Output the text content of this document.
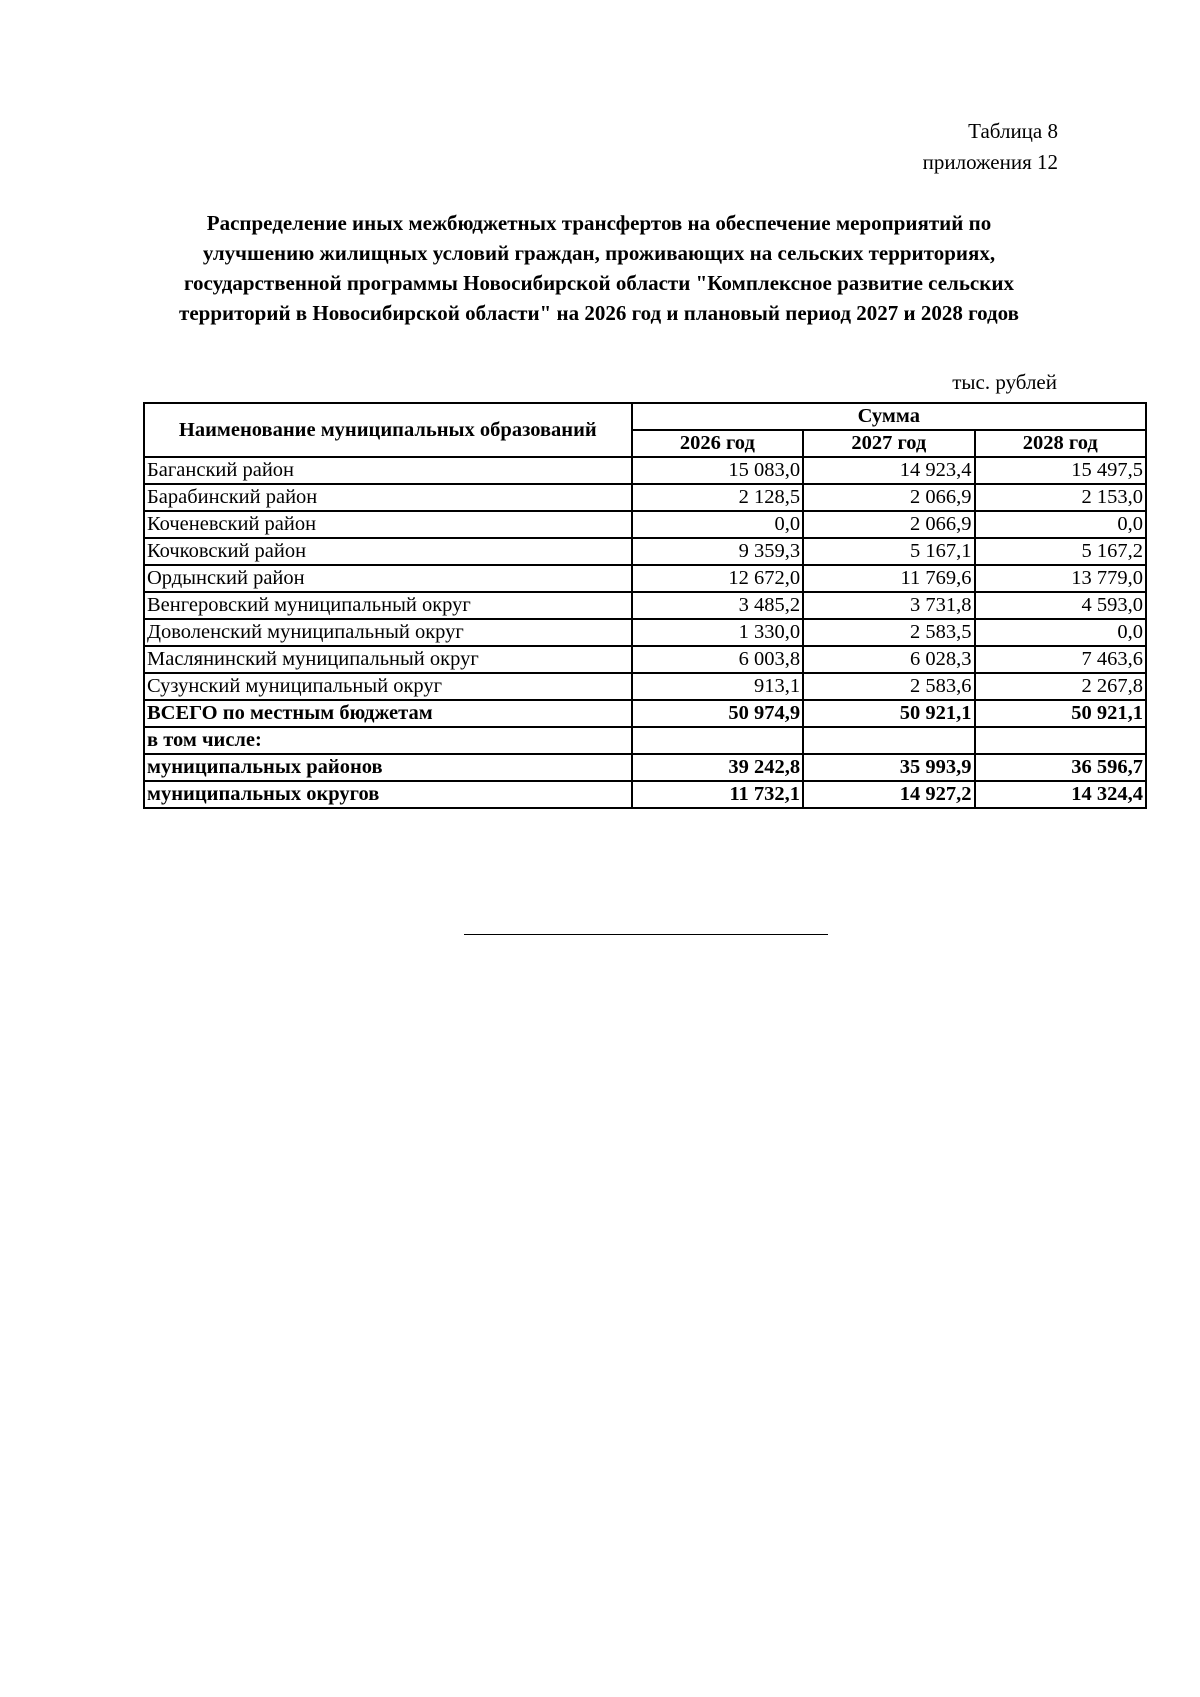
Таблица 8
приложения 12
Распределение иных межбюджетных трансфертов на обеспечение мероприятий по
улучшению жилищных условий граждан, проживающих на сельских территориях,
государственной программы Новосибирской области "Комплексное развитие сельских
территорий в Новосибирской области" на 2026 год и плановый период 2027 и 2028 годов
тыс. рублей
Наименование муниципальных образований	Сумма		
	2026 год	2027 год	2028 год
Баганский район	15 083,0	14 923,4	15 497,5
Барабинский район	2 128,5	2 066,9	2 153,0
Коченевский район	0,0	2 066,9	0,0
Кочковский район	9 359,3	5 167,1	5 167,2
Ордынский район	12 672,0	11 769,6	13 779,0
Венгеровский муниципальный округ	3 485,2	3 731,8	4 593,0
Доволенский муниципальный округ	1 330,0	2 583,5	0,0
Маслянинский муниципальный округ	6 003,8	6 028,3	7 463,6
Сузунский муниципальный округ	913,1	2 583,6	2 267,8
ВСЕГО по местным бюджетам	50 974,9	50 921,1	50 921,1
в том числе:			
муниципальных районов	39 242,8	35 993,9	36 596,7
муниципальных округов	11 732,1	14 927,2	14 324,4
